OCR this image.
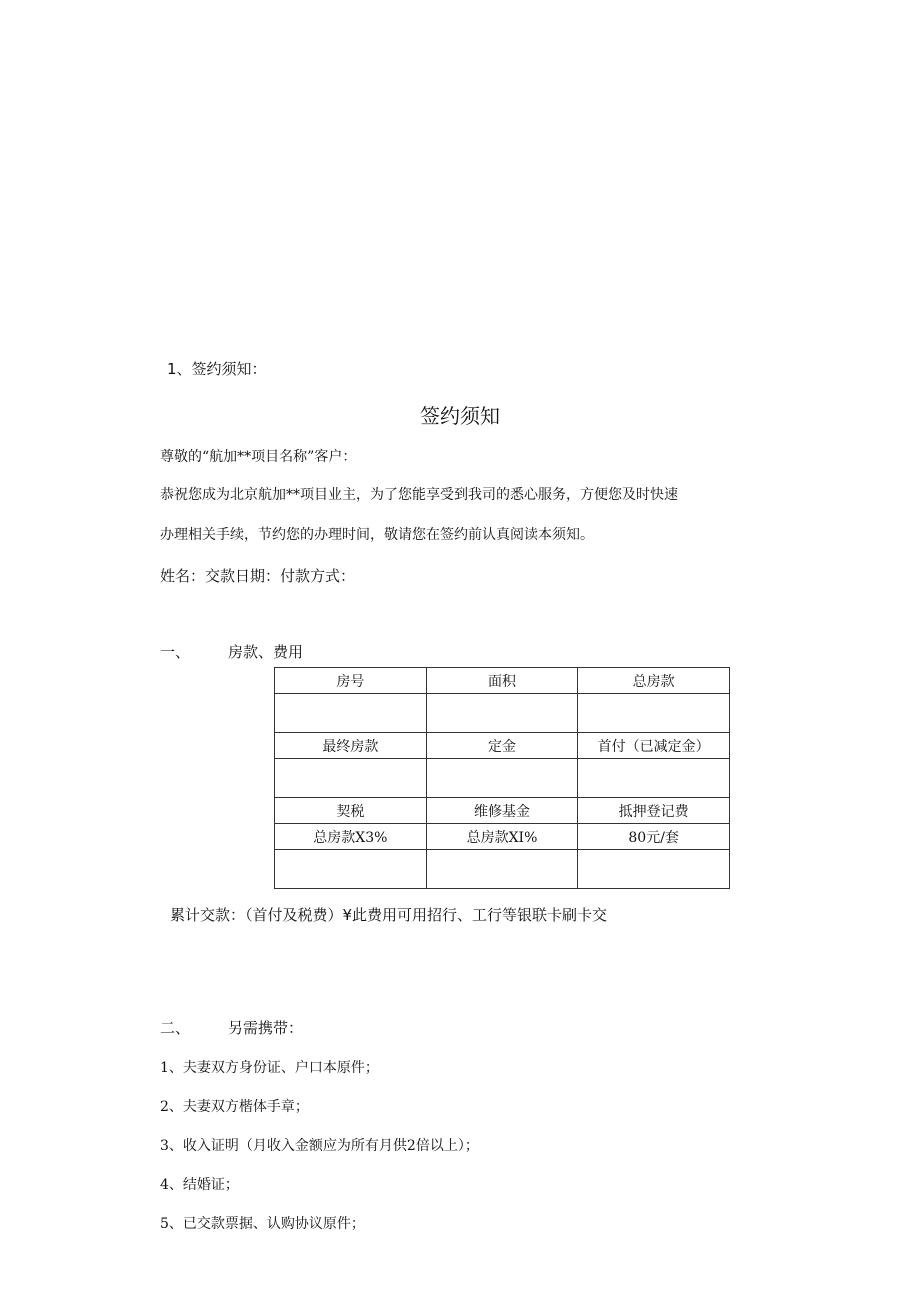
1、签约须知：
签约须知
尊敬的“航加**项目名称”客户：
恭祝您成为北京航加**项目业主，为了您能享受到我司的悉心服务，方便您及时快速
办理相关手续，节约您的办理时间，敬请您在签约前认真阅读本须知。
姓名：交款日期：付款方式：
一、	房款、费用
房号	面积	总房款

最终房款	定金	首付（已减定金）

契税	维修基金	抵押登记费
总房款X3%	总房款XI%	80元/套

累计交款：（首付及税费）¥此费用可用招行、工行等银联卡刷卡交
二、	另需携带：
1、夫妻双方身份证、户口本原件；
2、夫妻双方楷体手章；
3、收入证明（月收入金额应为所有月供2倍以上）；
4、结婚证；
5、已交款票据、认购协议原件；
